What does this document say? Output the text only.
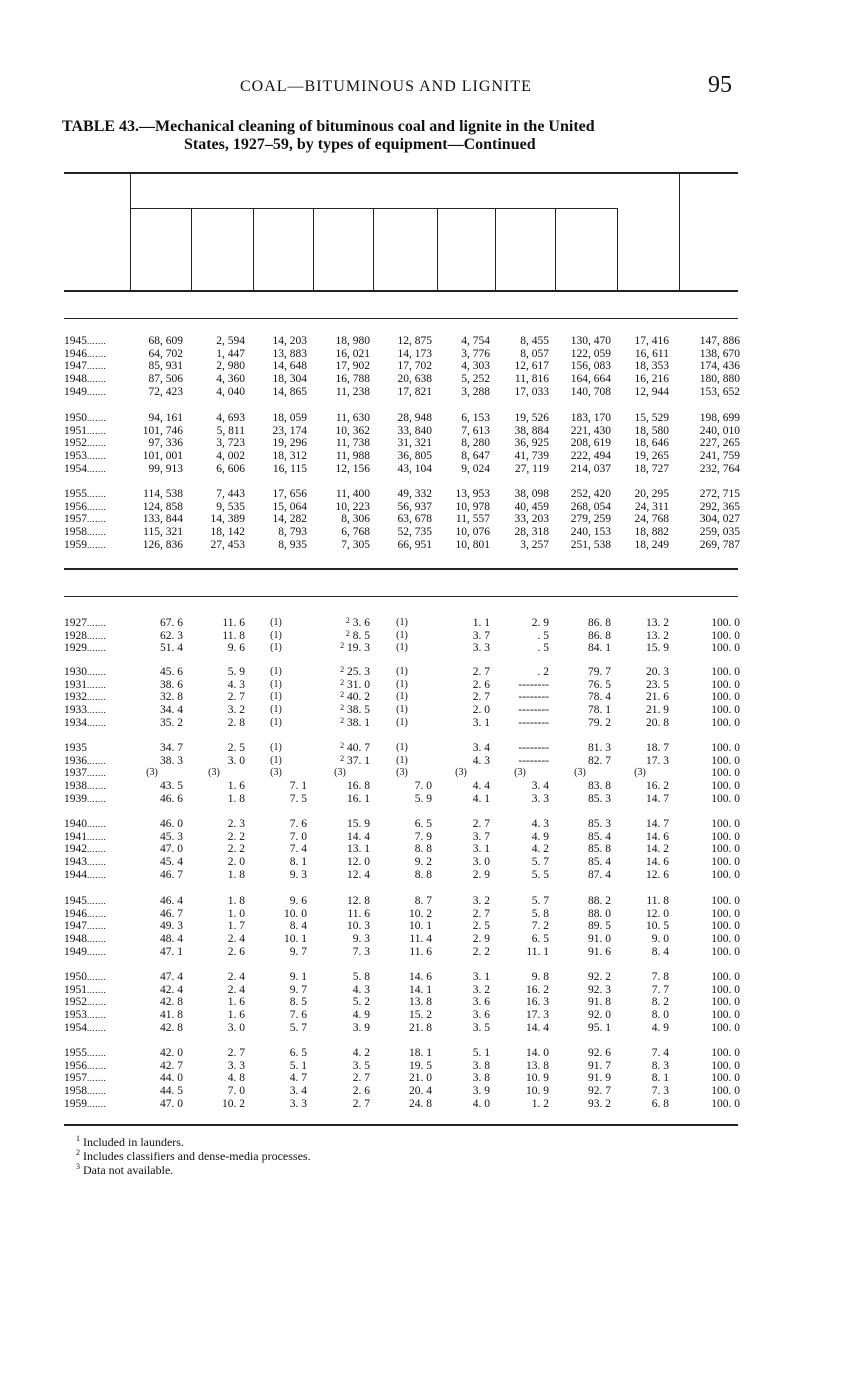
COAL—BITUMINOUS AND LIGNITE	95
TABLE 43.—Mechanical cleaning of bituminous coal and lignite in the United
States, 1927–59, by types of equipment—Continued
1945.......
1946.......
1947.......
1948.......
1949.......
68, 609
64, 702
85, 931
87, 506
72, 423
2, 594
1, 447
2, 980
4, 360
4, 040
14, 203
13, 883
14, 648
18, 304
14, 865
18, 980
16, 021
17, 902
16, 788
11, 238
12, 875
14, 173
17, 702
20, 638
17, 821
4, 754
3, 776
4, 303
5, 252
3, 288
8, 455
8, 057
12, 617
11, 816
17, 033
130, 470
122, 059
156, 083
164, 664
140, 708
17, 416
16, 611
18, 353
16, 216
12, 944
147, 886
138, 670
174, 436
180, 880
153, 652
1950.......
1951.......
1952.......
1953.......
1954.......
94, 161
101, 746
97, 336
101, 001
99, 913
4, 693
5, 811
3, 723
4, 002
6, 606
18, 059
23, 174
19, 296
18, 312
16, 115
11, 630
10, 362
11, 738
11, 988
12, 156
28, 948
33, 840
31, 321
36, 805
43, 104
6, 153
7, 613
8, 280
8, 647
9, 024
19, 526
38, 884
36, 925
41, 739
27, 119
183, 170
221, 430
208, 619
222, 494
214, 037
15, 529
18, 580
18, 646
19, 265
18, 727
198, 699
240, 010
227, 265
241, 759
232, 764
1955.......
1956.......
1957.......
1958.......
1959.......
114, 538
124, 858
133, 844
115, 321
126, 836
7, 443
9, 535
14, 389
18, 142
27, 453
17, 656
15, 064
14, 282
8, 793
8, 935
11, 400
10, 223
8, 306
6, 768
7, 305
49, 332
56, 937
63, 678
52, 735
66, 951
13, 953
10, 978
11, 557
10, 076
10, 801
38, 098
40, 459
33, 203
28, 318
3, 257
252, 420
268, 054
279, 259
240, 153
251, 538
20, 295
24, 311
24, 768
18, 882
18, 249
272, 715
292, 365
304, 027
259, 035
269, 787
1927.......
1928.......
1929.......
67. 6
62. 3
51. 4
11. 6
11. 8
9. 6
(1)
(1)
(1)
$^2$ 3. 6
$^2$ 8. 5
$^2$ 19. 3
(1)
(1)
(1)
1. 1
3. 7
3. 3
2. 9
. 5
. 5
86. 8
86. 8
84. 1
13. 2
13. 2
15. 9
100. 0
100. 0
100. 0
1930.......
1931.......
1932.......
1933.......
1934.......
45. 6
38. 6
32. 8
34. 4
35. 2
5. 9
4. 3
2. 7
3. 2
2. 8
(1)
(1)
(1)
(1)
(1)
$^2$ 25. 3
$^2$ 31. 0
$^2$ 40. 2
$^2$ 38. 5
$^2$ 38. 1
(1)
(1)
(1)
(1)
(1)
2. 7
2. 6
2. 7
2. 0
3. 1
. 2
--------
--------
--------
--------
79. 7
76. 5
78. 4
78. 1
79. 2
20. 3
23. 5
21. 6
21. 9
20. 8
100. 0
100. 0
100. 0
100. 0
100. 0
1935
1936.......
1937.......
1938.......
1939.......
34. 7
38. 3
(3)
43. 5
46. 6
2. 5
3. 0
(3)
1. 6
1. 8
(1)
(1)
(3)
7. 1
7. 5
$^2$ 40. 7
$^2$ 37. 1
(3)
16. 8
16. 1
(1)
(1)
(3)
7. 0
5. 9
3. 4
4. 3
(3)
4. 4
4. 1
--------
--------
(3)
3. 4
3. 3
81. 3
82. 7
(3)
83. 8
85. 3
18. 7
17. 3
(3)
16. 2
14. 7
100. 0
100. 0
100. 0
100. 0
100. 0
1940.......
1941.......
1942.......
1943.......
1944.......
46. 0
45. 3
47. 0
45. 4
46. 7
2. 3
2. 2
2. 2
2. 0
1. 8
7. 6
7. 0
7. 4
8. 1
9. 3
15. 9
14. 4
13. 1
12. 0
12. 4
6. 5
7. 9
8. 8
9. 2
8. 8
2. 7
3. 7
3. 1
3. 0
2. 9
4. 3
4. 9
4. 2
5. 7
5. 5
85. 3
85. 4
85. 8
85. 4
87. 4
14. 7
14. 6
14. 2
14. 6
12. 6
100. 0
100. 0
100. 0
100. 0
100. 0
1945.......
1946.......
1947.......
1948.......
1949.......
46. 4
46. 7
49. 3
48. 4
47. 1
1. 8
1. 0
1. 7
2. 4
2. 6
9. 6
10. 0
8. 4
10. 1
9. 7
12. 8
11. 6
10. 3
9. 3
7. 3
8. 7
10. 2
10. 1
11. 4
11. 6
3. 2
2. 7
2. 5
2. 9
2. 2
5. 7
5. 8
7. 2
6. 5
11. 1
88. 2
88. 0
89. 5
91. 0
91. 6
11. 8
12. 0
10. 5
9. 0
8. 4
100. 0
100. 0
100. 0
100. 0
100. 0
1950.......
1951.......
1952.......
1953.......
1954.......
47. 4
42. 4
42. 8
41. 8
42. 8
2. 4
2. 4
1. 6
1. 6
3. 0
9. 1
9. 7
8. 5
7. 6
5. 7
5. 8
4. 3
5. 2
4. 9
3. 9
14. 6
14. 1
13. 8
15. 2
21. 8
3. 1
3. 2
3. 6
3. 6
3. 5
9. 8
16. 2
16. 3
17. 3
14. 4
92. 2
92. 3
91. 8
92. 0
95. 1
7. 8
7. 7
8. 2
8. 0
4. 9
100. 0
100. 0
100. 0
100. 0
100. 0
1955.......
1956.......
1957.......
1958.......
1959.......
42. 0
42. 7
44. 0
44. 5
47. 0
2. 7
3. 3
4. 8
7. 0
10. 2
6. 5
5. 1
4. 7
3. 4
3. 3
4. 2
3. 5
2. 7
2. 6
2. 7
18. 1
19. 5
21. 0
20. 4
24. 8
5. 1
3. 8
3. 8
3. 9
4. 0
14. 0
13. 8
10. 9
10. 9
1. 2
92. 6
91. 7
91. 9
92. 7
93. 2
7. 4
8. 3
8. 1
7. 3
6. 8
100. 0
100. 0
100. 0
100. 0
100. 0
$^1$ Included in launders.
$^2$ Includes classifiers and dense-media processes.
$^3$ Data not available.
